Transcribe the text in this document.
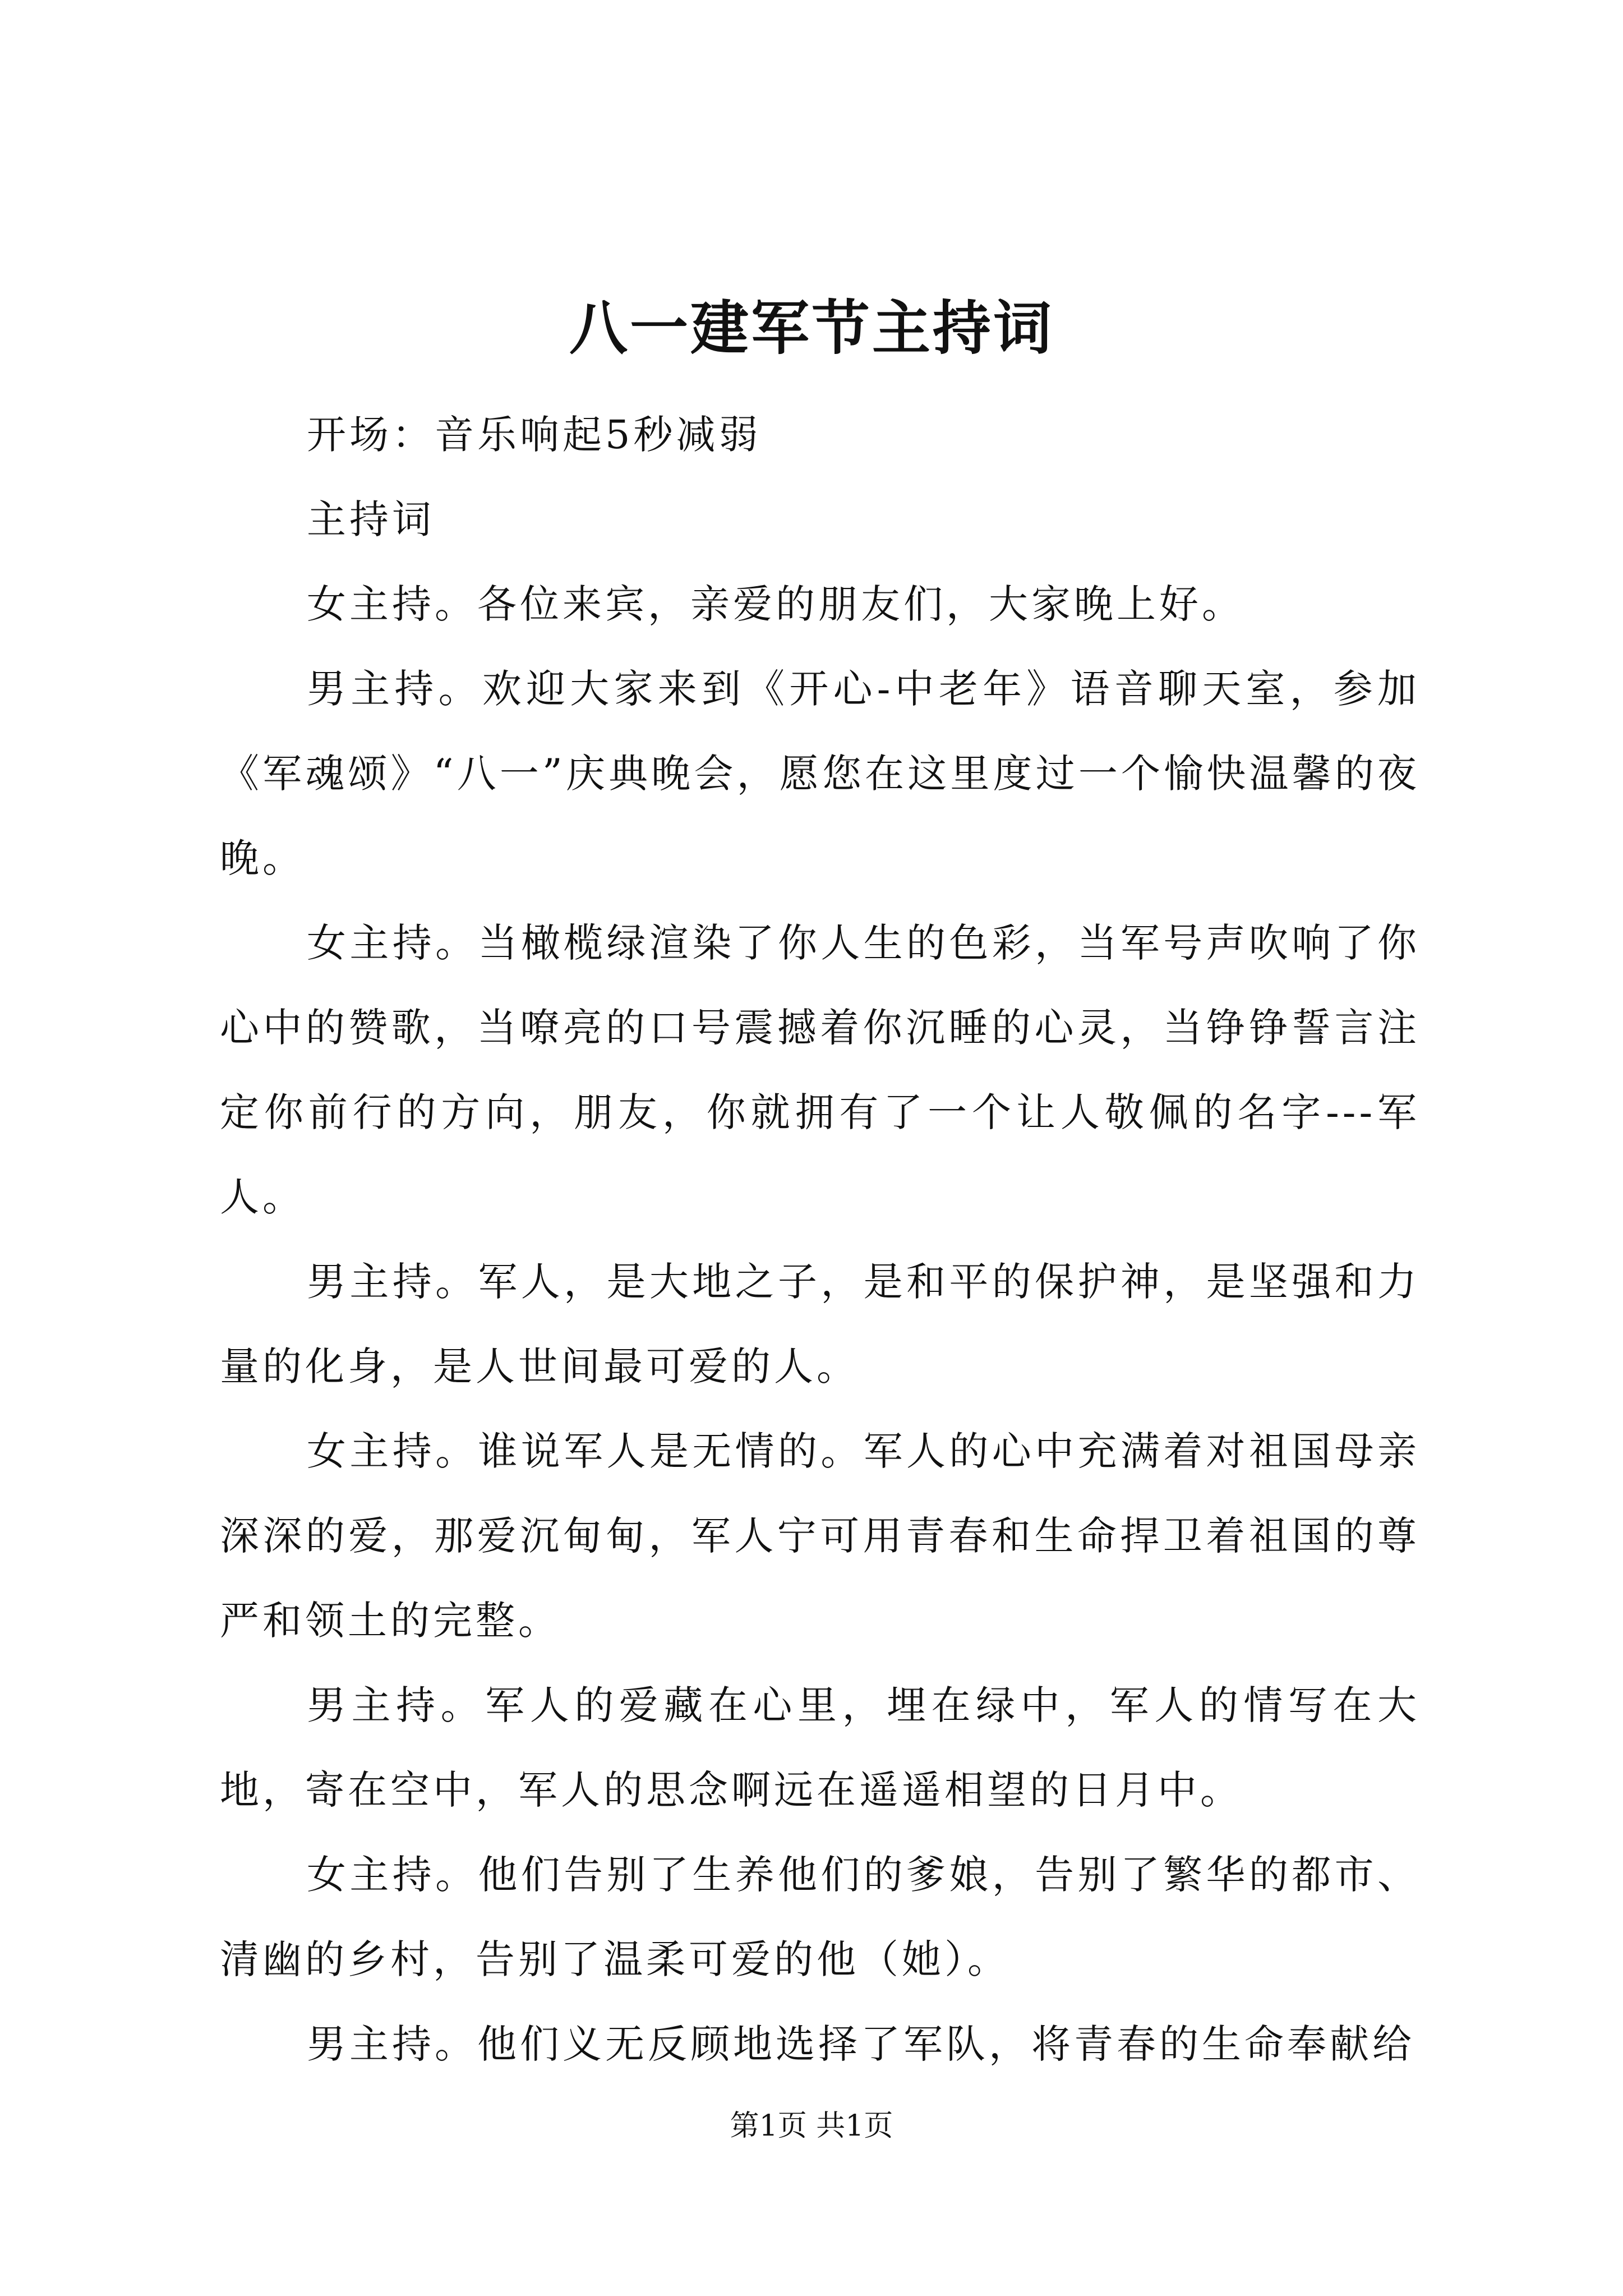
八一建军节主持词

开场：音乐响起5秒减弱

主持词

女主持。各位来宾，亲爱的朋友们，大家晚上好。

男主持。欢迎大家来到《开心-中老年》语音聊天室，参加《军魂颂》“八一”庆典晚会，愿您在这里度过一个愉快温馨的夜晚。

女主持。当橄榄绿渲染了你人生的色彩，当军号声吹响了你心中的赞歌，当嘹亮的口号震撼着你沉睡的心灵，当铮铮誓言注定你前行的方向，朋友，你就拥有了一个让人敬佩的名字---军人。

男主持。军人，是大地之子，是和平的保护神，是坚强和力量的化身，是人世间最可爱的人。

女主持。谁说军人是无情的。军人的心中充满着对祖国母亲深深的爱，那爱沉甸甸，军人宁可用青春和生命捍卫着祖国的尊严和领土的完整。

男主持。军人的爱藏在心里，埋在绿中，军人的情写在大地，寄在空中，军人的思念啊远在遥遥相望的日月中。

女主持。他们告别了生养他们的爹娘，告别了繁华的都市、清幽的乡村，告别了温柔可爱的他（她）。

男主持。他们义无反顾地选择了军队，将青春的生命奉献给

第1页 共1页
